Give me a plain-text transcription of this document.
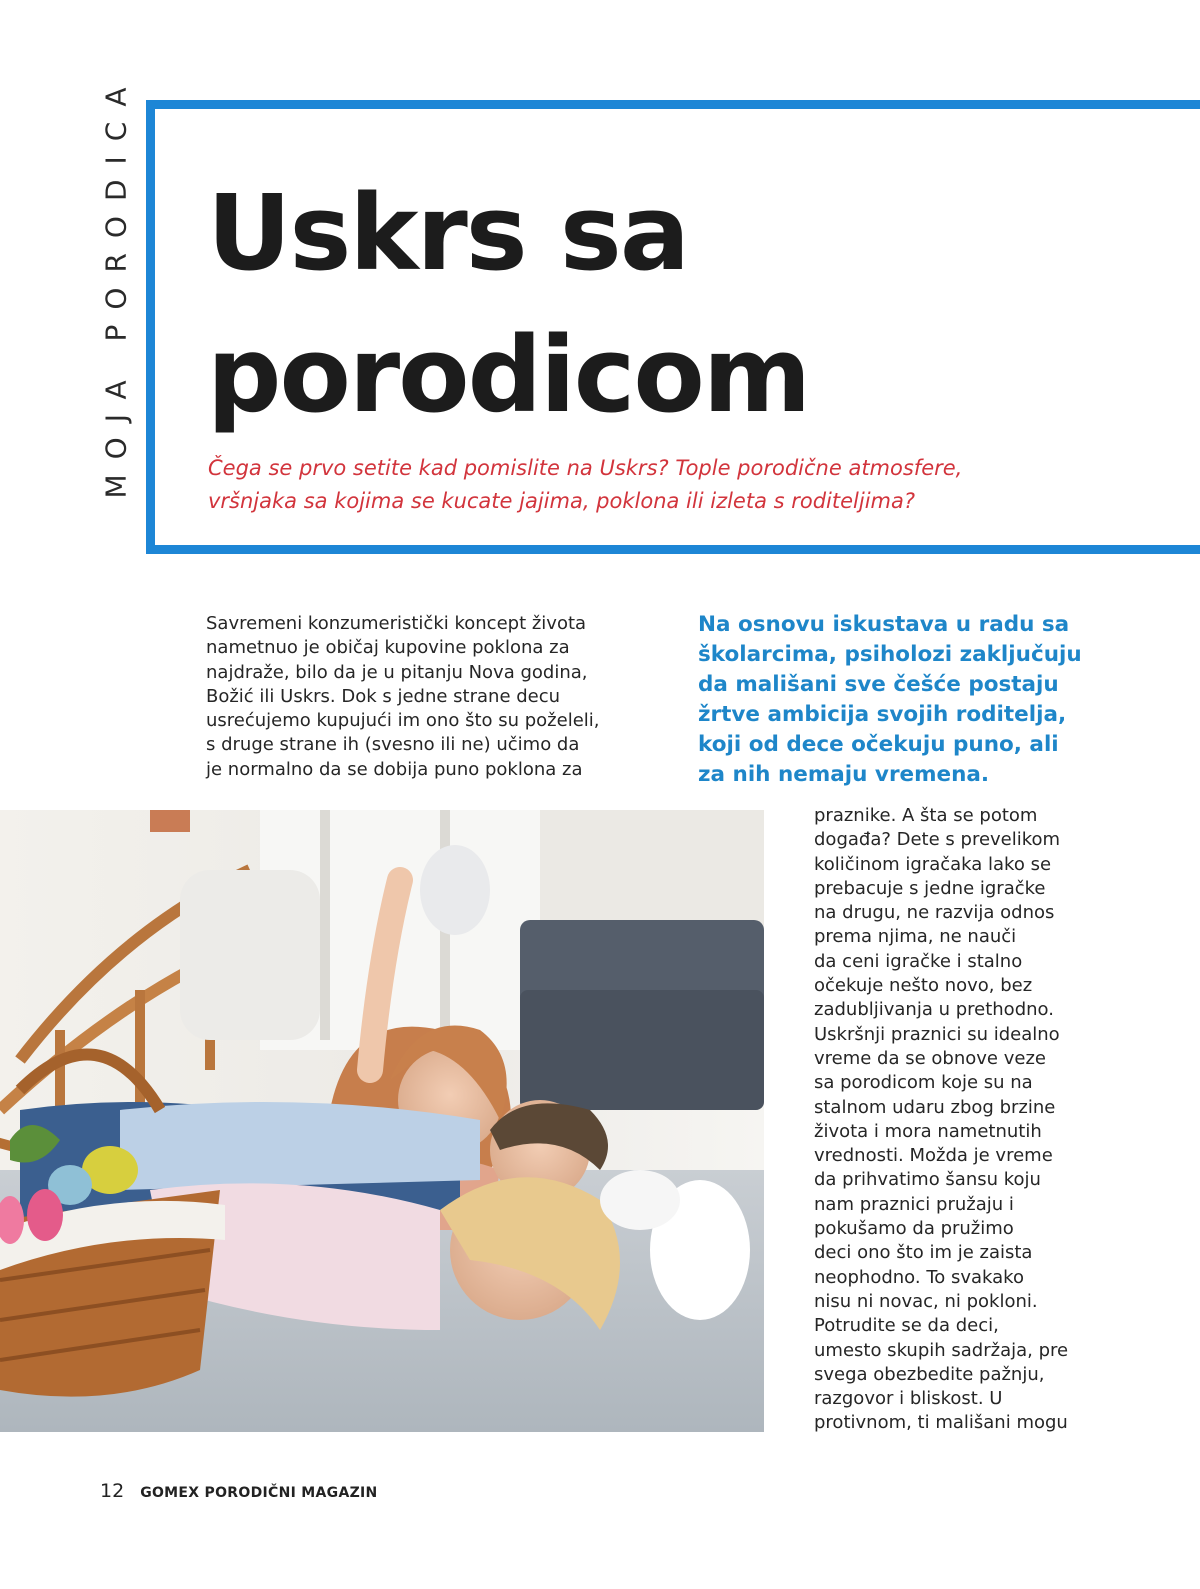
MOJA PORODICA Uskrs sa
porodicom

Čega se prvo setite kad pomislite na Uskrs? Tople porodične atmosfere,
vršnjaka sa kojima se kucate jajima, poklona ili izleta s roditeljima?

Savremeni konzumeristički koncept života
nametnuo je običaj kupovine poklona za
najdraže, bilo da je u pitanju Nova godina,
Božić ili Uskrs. Dok s jedne strane decu
usrećujemo kupujući im ono što su poželeli,
s druge strane ih (svesno ili ne) učimo da
je normalno da se dobija puno poklona za
Na osnovu iskustava u radu sa
školarcima, psiholozi zaključuju
da mališani sve češće postaju
žrtve ambicija svojih roditelja,
koji od dece očekuju puno, ali
za nih nemaju vremena.
praznike. A šta se potom
događa? Dete s prevelikom
količinom igračaka lako se
prebacuje s jedne igračke
na drugu, ne razvija odnos
prema njima, ne nauči
da ceni igračke i stalno
očekuje nešto novo, bez
zadubljivanja u prethodno.
Uskršnji praznici su idealno
vreme da se obnove veze
sa porodicom koje su na
stalnom udaru zbog brzine
života i mora nametnutih
vrednosti. Možda je vreme
da prihvatimo šansu koju
nam praznici pružaju i
pokušamo da pružimo
deci ono što im je zaista
neophodno. To svakako
nisu ni novac, ni pokloni.
Potrudite se da deci,
umesto skupih sadržaja, pre
svega obezbedite pažnju,
razgovor i bliskost. U
protivnom, ti mališani mogu
12 GOMEX PORODIČNI MAGAZIN
